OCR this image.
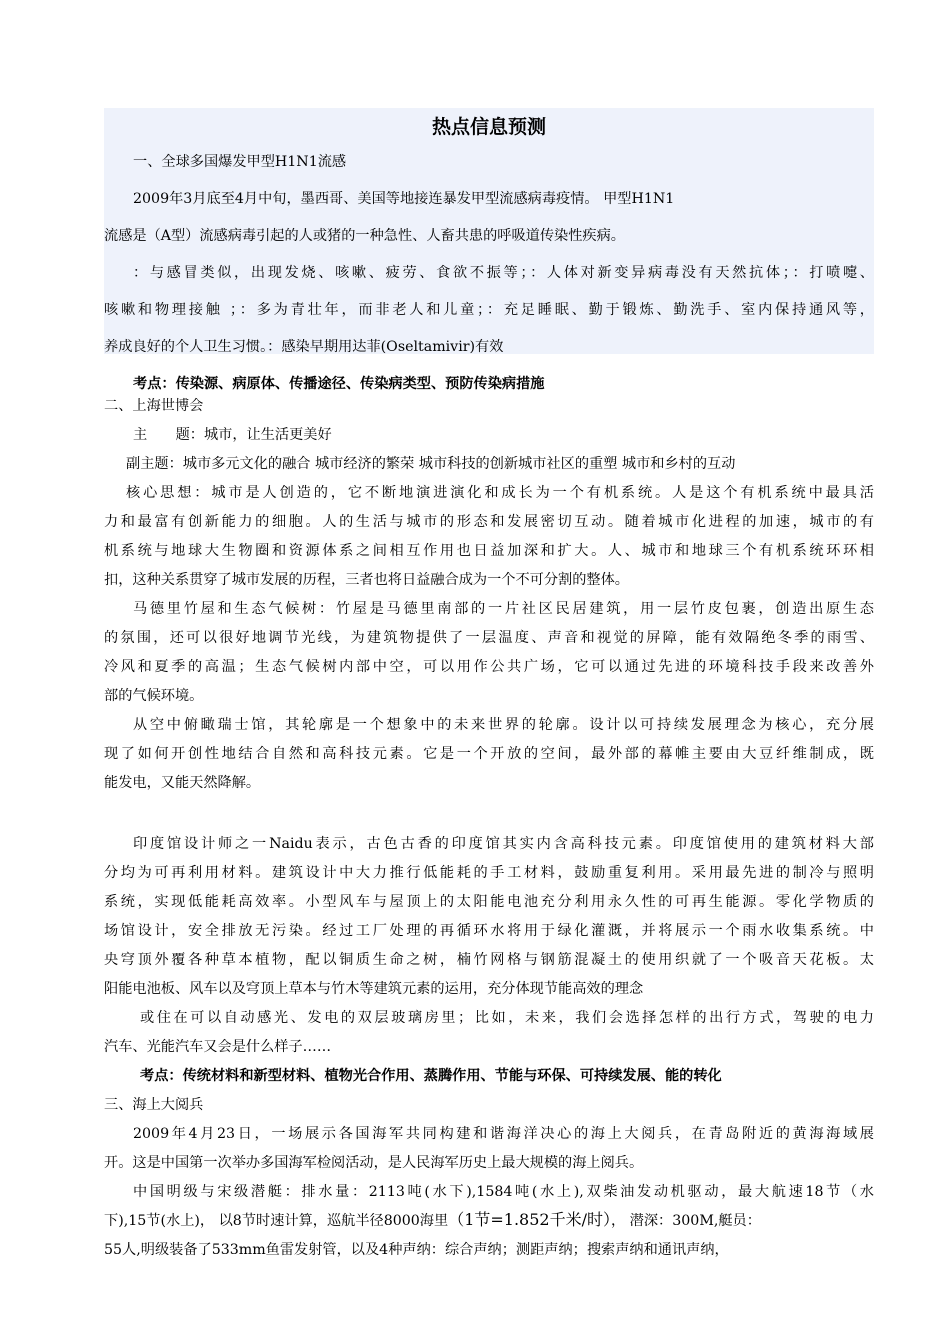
热点信息预测
一、全球多国爆发甲型H1N1流感
2009年3月底至4月中旬，墨西哥、美国等地接连暴发甲型流感病毒疫情。 甲型H1N1
流感是（A型）流感病毒引起的人或猪的一种急性、人畜共患的呼吸道传染性疾病。
：与感冒类似，出现发烧、咳嗽、疲劳、食欲不振等；：人体对新变异病毒没有天然抗体；：打喷嚏、
咳嗽和物理接触 ；：多为青壮年，而非老人和儿童；：充足睡眠、勤于锻炼、勤洗手、室内保持通风等，
养成良好的个人卫生习惯。：感染早期用达菲(Oseltamivir)有效
考点：传染源、病原体、传播途径、传染病类型、预防传染病措施
二、上海世博会
主　　题：城市，让生活更美好
副主题：城市多元文化的融合 城市经济的繁荣 城市科技的创新城市社区的重塑 城市和乡村的互动
核心思想：城市是人创造的，它不断地演进演化和成长为一个有机系统。人是这个有机系统中最具活
力和最富有创新能力的细胞。人的生活与城市的形态和发展密切互动。随着城市化进程的加速，城市的有
机系统与地球大生物圈和资源体系之间相互作用也日益加深和扩大。人、城市和地球三个有机系统环环相
扣，这种关系贯穿了城市发展的历程，三者也将日益融合成为一个不可分割的整体。
马德里竹屋和生态气候树：竹屋是马德里南部的一片社区民居建筑，用一层竹皮包裹，创造出原生态
的氛围，还可以很好地调节光线，为建筑物提供了一层温度、声音和视觉的屏障，能有效隔绝冬季的雨雪、
冷风和夏季的高温；生态气候树内部中空，可以用作公共广场，它可以通过先进的环境科技手段来改善外
部的气候环境。
从空中俯瞰瑞士馆，其轮廓是一个想象中的未来世界的轮廓。设计以可持续发展理念为核心，充分展
现了如何开创性地结合自然和高科技元素。它是一个开放的空间，最外部的幕帷主要由大豆纤维制成，既
能发电，又能天然降解。
印度馆设计师之一Naidu表示，古色古香的印度馆其实内含高科技元素。印度馆使用的建筑材料大部
分均为可再利用材料。建筑设计中大力推行低能耗的手工材料，鼓励重复利用。采用最先进的制冷与照明
系统，实现低能耗高效率。小型风车与屋顶上的太阳能电池充分利用永久性的可再生能源。零化学物质的
场馆设计，安全排放无污染。经过工厂处理的再循环水将用于绿化灌溉，并将展示一个雨水收集系统。中
央穹顶外覆各种草本植物，配以铜质生命之树，楠竹网格与钢筋混凝土的使用织就了一个吸音天花板。太
阳能电池板、风车以及穹顶上草本与竹木等建筑元素的运用，充分体现节能高效的理念
或住在可以自动感光、发电的双层玻璃房里；比如，未来，我们会选择怎样的出行方式，驾驶的电力
汽车、光能汽车又会是什么样子……
考点：传统材料和新型材料、植物光合作用、蒸腾作用、节能与环保、可持续发展、能的转化
三、海上大阅兵
2009年4月23日，一场展示各国海军共同构建和谐海洋决心的海上大阅兵，在青岛附近的黄海海域展
开。这是中国第一次举办多国海军检阅活动，是人民海军历史上最大规模的海上阅兵。
中国明级与宋级潜艇：排水量：2113吨(水下),1584吨(水上),双柴油发动机驱动，最大航速18节（水
下),15节(水上)， 以8节时速计算，巡航半径8000海里（1节=1.852千米/时）， 潜深：300M,艇员：
55人,明级装备了533mm鱼雷发射管，以及4种声纳：综合声纳；测距声纳；搜索声纳和通讯声纳，
